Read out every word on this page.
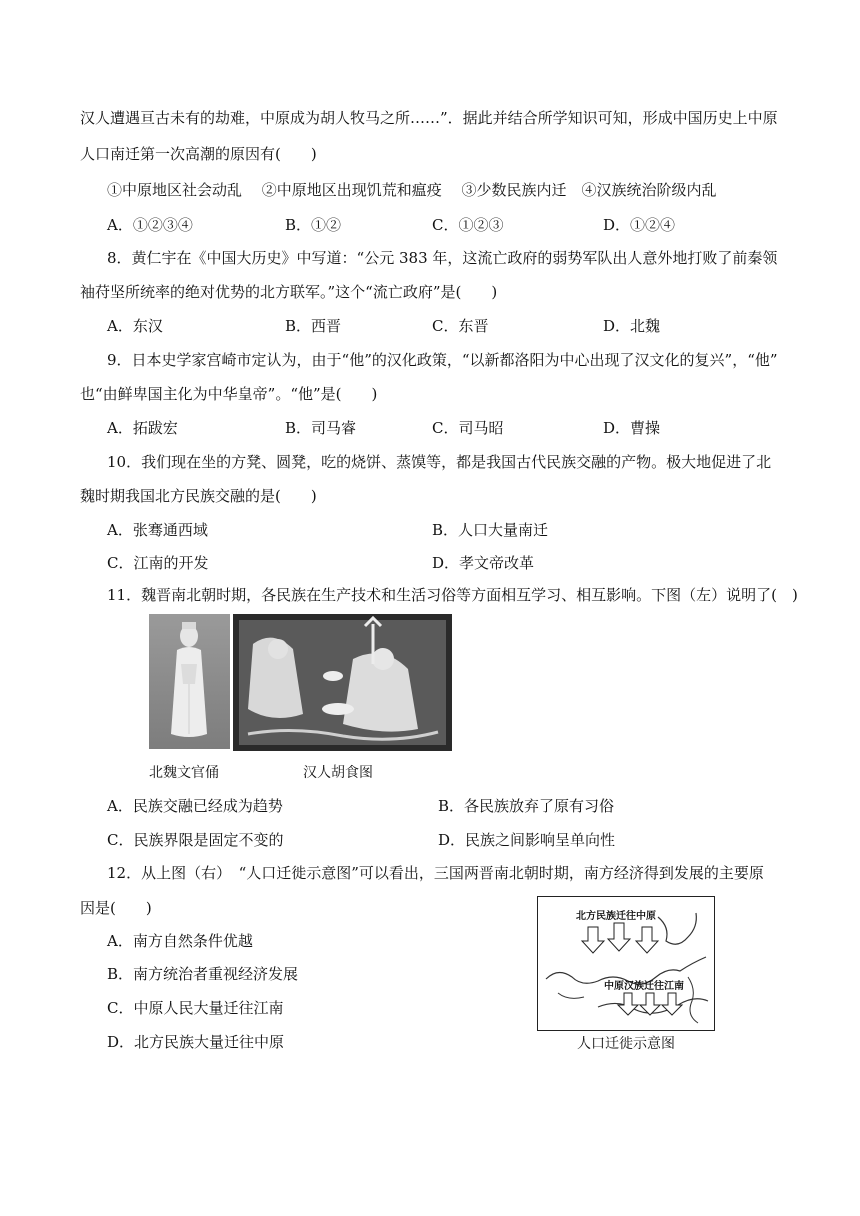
汉人遭遇亘古未有的劫难，中原成为胡人牧马之所……”．据此并结合所学知识可知，形成中国历史上中原
人口南迁第一次高潮的原因有(　　)
①中原地区社会动乱　 ②中原地区出现饥荒和瘟疫　 ③少数民族内迁　④汉族统治阶级内乱
A．①②③④	B．①②	C．①②③	D．①②④
8．黄仁宇在《中国大历史》中写道：“公元 383 年，这流亡政府的弱势军队出人意外地打败了前秦领
袖苻坚所统率的绝对优势的北方联军。”这个“流亡政府”是(　　)
A．东汉	B．西晋	C．东晋	D．北魏
9．日本史学家宫崎市定认为，由于“他”的汉化政策，“以新都洛阳为中心出现了汉文化的复兴”，“他”
也“由鲜卑国主化为中华皇帝”。“他”是(　　)
A．拓跋宏	B．司马睿	C．司马昭	D．曹操
10．我们现在坐的方凳、圆凳，吃的烧饼、蒸馍等，都是我国古代民族交融的产物。极大地促进了北
魏时期我国北方民族交融的是(　　)
A．张骞通西域	B．人口大量南迁
C．江南的开发	D．孝文帝改革
11．魏晋南北朝时期，各民族在生产技术和生活习俗等方面相互学习、相互影响。下图（左）说明了(　)
北魏文官俑	汉人胡食图
A．民族交融已经成为趋势	B．各民族放弃了原有习俗
C．民族界限是固定不变的	D．民族之间影响呈单向性
12．从上图（右）　“人口迁徙示意图”可以看出，三国两晋南北朝时期，南方经济得到发展的主要原
因是(　　)
A．南方自然条件优越
B．南方统治者重视经济发展
C．中原人民大量迁往江南
D．北方民族大量迁往中原
北方民族迁往中原
中原汉族迁往江南
人口迁徙示意图
